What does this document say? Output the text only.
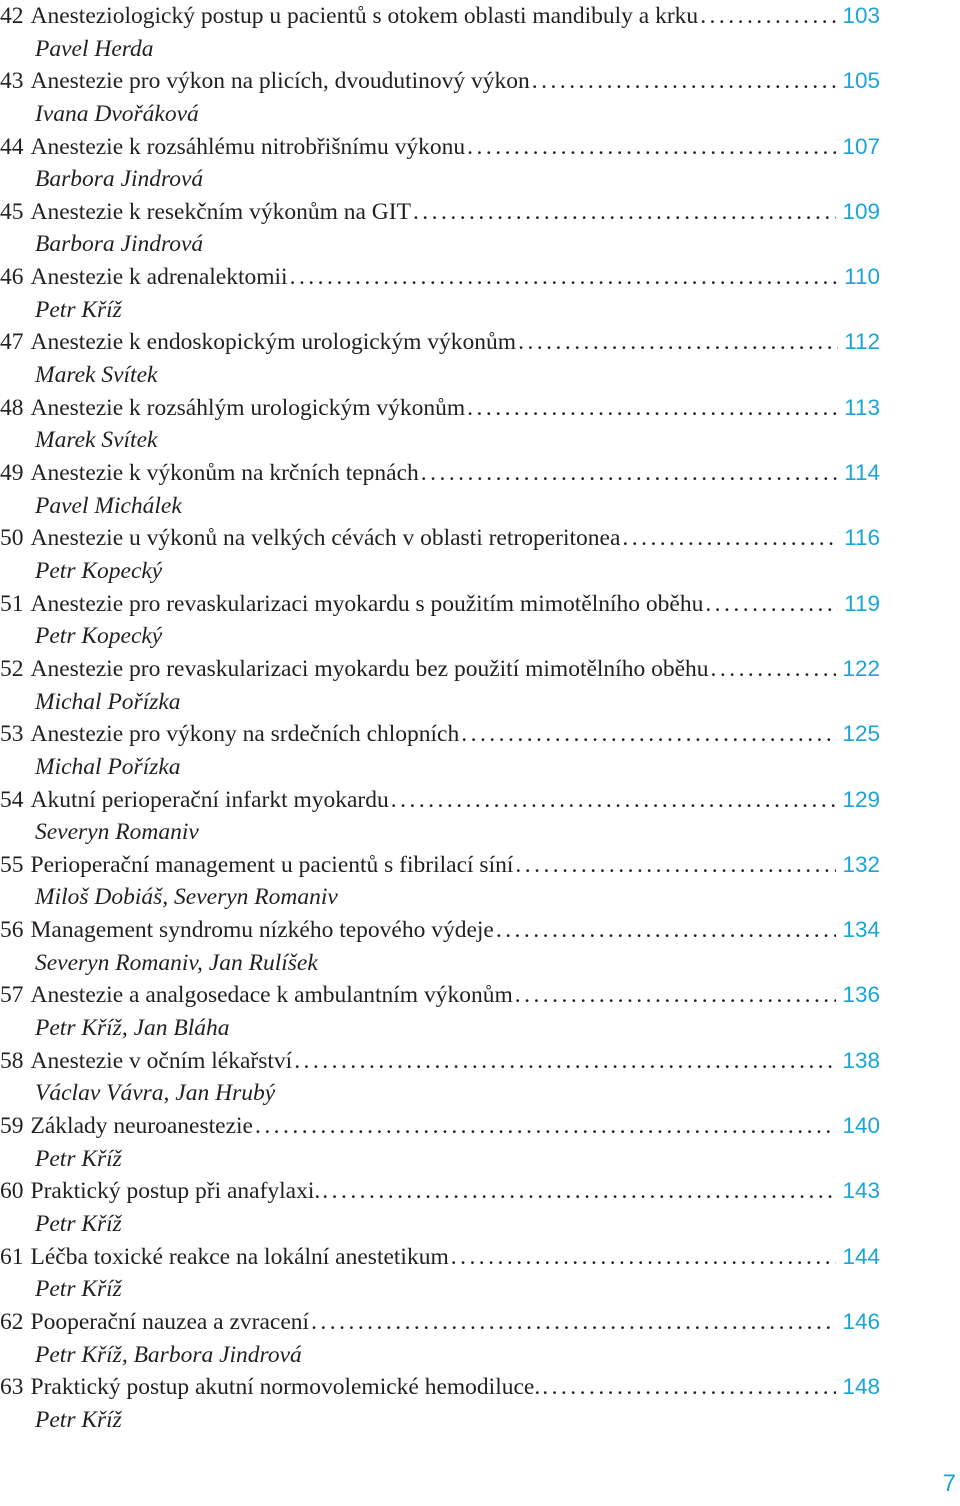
42 Anesteziologický postup u pacientů s otokem oblasti mandibuly a krku . . .	103
Pavel Herda
43 Anestezie pro výkon na plicích, dvoudutinový výkon . . .	105
Ivana Dvořáková
44 Anestezie k rozsáhlému nitrobřišnímu výkonu . . .	107
Barbora Jindrová
45 Anestezie k resekčním výkonům na GIT . . .	109
Barbora Jindrová
46 Anestezie k adrenalektomii . . .	110
Petr Kříž
47 Anestezie k endoskopickým urologickým výkonům . . .	112
Marek Svítek
48 Anestezie k rozsáhlým urologickým výkonům . . .	113
Marek Svítek
49 Anestezie k výkonům na krčních tepnách . . .	114
Pavel Michálek
50 Anestezie u výkonů na velkých cévách v oblasti retroperitonea . . .	116
Petr Kopecký
51 Anestezie pro revaskularizaci myokardu s použitím mimotělního oběhu . . .	119
Petr Kopecký
52 Anestezie pro revaskularizaci myokardu bez použití mimotělního oběhu . . .	122
Michal Pořízka
53 Anestezie pro výkony na srdečních chlopních . . .	125
Michal Pořízka
54 Akutní perioperační infarkt myokardu . . .	129
Severyn Romaniv
55 Perioperační management u pacientů s fibrilací síní . . .	132
Miloš Dobiáš, Severyn Romaniv
56 Management syndromu nízkého tepového výdeje . . .	134
Severyn Romaniv, Jan Rulíšek
57 Anestezie a analgosedace k ambulantním výkonům . . .	136
Petr Kříž, Jan Bláha
58 Anestezie v očním lékařství . . .	138
Václav Vávra, Jan Hrubý
59 Základy neuroanestezie . . .	140
Petr Kříž
60 Praktický postup při anafylaxi. . . .	143
Petr Kříž
61 Léčba toxické reakce na lokální anestetikum . . .	144
Petr Kříž
62 Pooperační nauzea a zvracení . . .	146
Petr Kříž, Barbora Jindrová
63 Praktický postup akutní normovolemické hemodiluce. . . .	148
Petr Kříž
7
